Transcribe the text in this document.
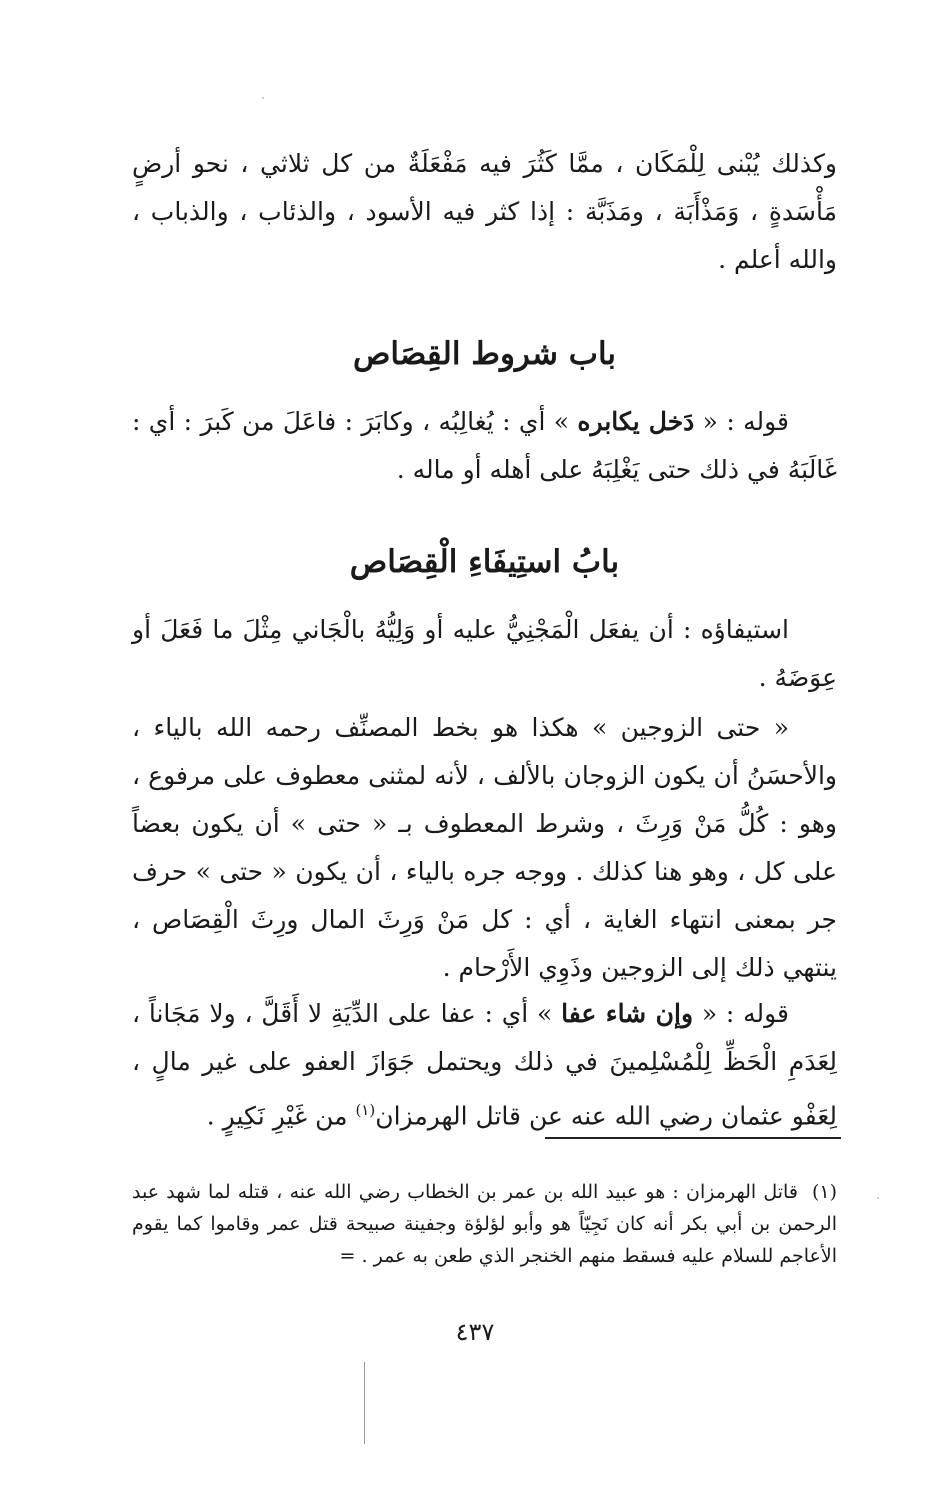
وكذلك يُبْنى لِلْمَكَان ، ممَّا كَثُرَ فيه مَفْعَلَةٌ من كل ثلاثي ، نحو أرضٍ مَأْسَدةٍ ، وَمَذْأَبَة ، ومَذَبَّة : إذا كثر فيه الأسود ، والذئاب ، والذباب ، والله أعلم .
باب شروط القِصَاص

قوله : « دَخل يكابره » أي : يُغالِبُه ، وكابَرَ : فاعَلَ من كَبرَ : أي : غَالَبَهُ في ذلك حتى يَغْلِبَهُ على أهله أو ماله .

بابُ استِيفَاءِ الْقِصَاص

استيفاؤه : أن يفعَل الْمَجْنِيُّ عليه أو وَلِيُّهُ بالْجَاني مِثْلَ ما فَعَلَ أو عِوَضَهُ .

« حتى الزوجين » هكذا هو بخط المصنِّف رحمه الله بالياء ، والأحسَنُ أن يكون الزوجان بالألف ، لأنه لمثنى معطوف على مرفوع ، وهو : كُلُّ مَنْ وَرِثَ ، وشرط المعطوف بـ « حتى » أن يكون بعضاً على كل ، وهو هنا كذلك . ووجه جره بالياء ، أن يكون « حتى » حرف جر بمعنى انتهاء الغاية ، أي : كل مَنْ وَرِثَ المال ورِثَ الْقِصَاص ، ينتهي ذلك إلى الزوجين وذَوِي الأَرْحام .

قوله : « وإن شاء عفا » أي : عفا على الدِّيَةِ لا أَقَلَّ ، ولا مَجَاناً ، لِعَدَمِ الْحَظِّ لِلْمُسْلِمينَ في ذلك ويحتمل جَوَازَ العفو على غير مالٍ ، لِعَفْو عثمان رضي الله عنه عن قاتل الهرمزان$^{(١)}$ من غَيْرِ نَكِيرٍ .

(١)قاتل الهرمزان : هو عبيد الله بن عمر بن الخطاب رضي الله عنه ، قتله لما شهد عبد الرحمن بن أبي بكر أنه كان نَجِيّاً هو وأبو لؤلؤة وجفينة صبيحة قتل عمر وقاموا كما يقوم الأعاجم للسلام عليه فسقط منهم الخنجر الذي طعن به عمر . =
٤٣٧
